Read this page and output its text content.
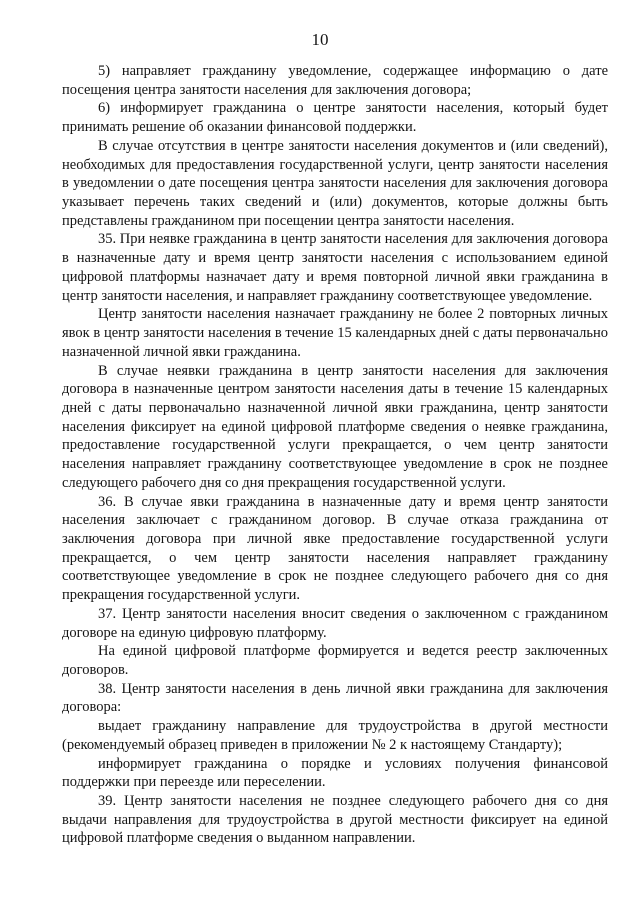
10

5) направляет гражданину уведомление, содержащее информацию о дате посещения центра занятости населения для заключения договора;

6) информирует гражданина о центре занятости населения, который будет принимать решение об оказании финансовой поддержки.

В случае отсутствия в центре занятости населения документов и (или сведений), необходимых для предоставления государственной услуги, центр занятости населения в уведомлении о дате посещения центра занятости населения для заключения договора указывает перечень таких сведений и (или) документов, которые должны быть представлены гражданином при посещении центра занятости населения.

35. При неявке гражданина в центр занятости населения для заключения договора в назначенные дату и время центр занятости населения с использованием единой цифровой платформы назначает дату и время повторной личной явки гражданина в центр занятости населения, и направляет гражданину соответствующее уведомление.

Центр занятости населения назначает гражданину не более 2 повторных личных явок в центр занятости населения в течение 15 календарных дней с даты первоначально назначенной личной явки гражданина.

В случае неявки гражданина в центр занятости населения для заключения договора в назначенные центром занятости населения даты в течение 15 календарных дней с даты первоначально назначенной личной явки гражданина, центр занятости населения фиксирует на единой цифровой платформе сведения о неявке гражданина, предоставление государственной услуги прекращается, о чем центр занятости населения направляет гражданину соответствующее уведомление в срок не позднее следующего рабочего дня со дня прекращения государственной услуги.

36. В случае явки гражданина в назначенные дату и время центр занятости населения заключает с гражданином договор. В случае отказа гражданина от заключения договора при личной явке предоставление государственной услуги прекращается, о чем центр занятости населения направляет гражданину соответствующее уведомление в срок не позднее следующего рабочего дня со дня прекращения государственной услуги.

37. Центр занятости населения вносит сведения о заключенном с гражданином договоре на единую цифровую платформу.

На единой цифровой платформе формируется и ведется реестр заключенных договоров.

38. Центр занятости населения в день личной явки гражданина для заключения договора:

выдает гражданину направление для трудоустройства в другой местности (рекомендуемый образец приведен в приложении № 2 к настоящему Стандарту);

информирует гражданина о порядке и условиях получения финансовой поддержки при переезде или переселении.

39. Центр занятости населения не позднее следующего рабочего дня со дня выдачи направления для трудоустройства в другой местности фиксирует на единой цифровой платформе сведения о выданном направлении.
